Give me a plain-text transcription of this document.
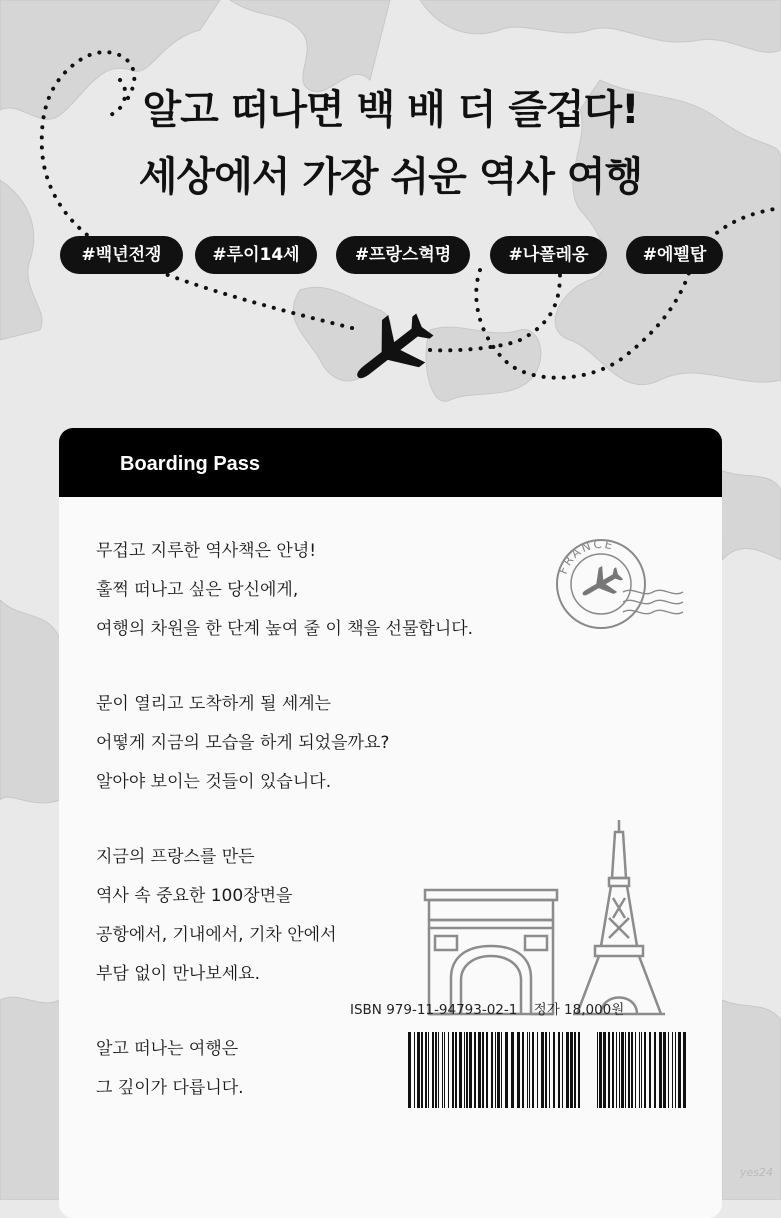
알고 떠나면 백 배 더 즐겁다!
세상에서 가장 쉬운 역사 여행
#백년전쟁	#루이14세	#프랑스혁명	#나폴레옹	#에펠탑
Boarding Pass
무겁고 지루한 역사책은 안녕!
훌쩍 떠나고 싶은 당신에게,
여행의 차원을 한 단계 높여 줄 이 책을 선물합니다.
문이 열리고 도착하게 될 세계는
어떻게 지금의 모습을 하게 되었을까요?
알아야 보이는 것들이 있습니다.
지금의 프랑스를 만든
역사 속 중요한 100장면을
공항에서, 기내에서, 기차 안에서
부담 없이 만나보세요.
알고 떠나는 여행은
그 깊이가 다릅니다.
FRANCE
ISBN 979-11-94793-02-1 정가 18,000원
yes24
